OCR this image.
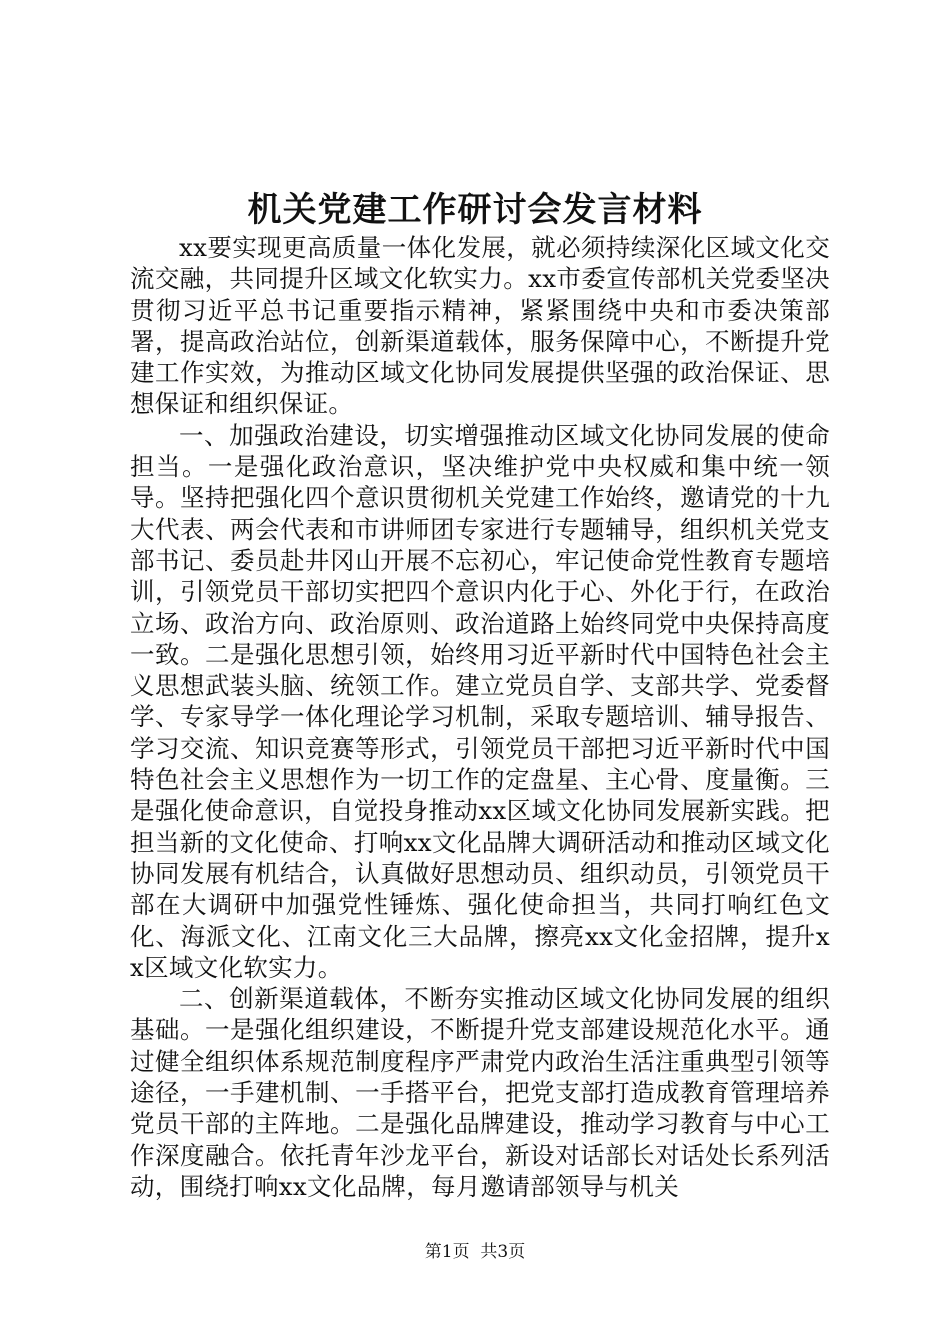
机关党建工作研讨会发言材料

xx要实现更高质量一体化发展，就必须持续深化区域文化交流交融，共同提升区域文化软实力。xx市委宣传部机关党委坚决贯彻习近平总书记重要指示精神，紧紧围绕中央和市委决策部署，提高政治站位，创新渠道载体，服务保障中心，不断提升党建工作实效，为推动区域文化协同发展提供坚强的政治保证、思想保证和组织保证。

一、加强政治建设，切实增强推动区域文化协同发展的使命担当。一是强化政治意识，坚决维护党中央权威和集中统一领导。坚持把强化四个意识贯彻机关党建工作始终，邀请党的十九大代表、两会代表和市讲师团专家进行专题辅导，组织机关党支部书记、委员赴井冈山开展不忘初心，牢记使命党性教育专题培训，引领党员干部切实把四个意识内化于心、外化于行，在政治立场、政治方向、政治原则、政治道路上始终同党中央保持高度一致。二是强化思想引领，始终用习近平新时代中国特色社会主义思想武装头脑、统领工作。建立党员自学、支部共学、党委督学、专家导学一体化理论学习机制，采取专题培训、辅导报告、学习交流、知识竞赛等形式，引领党员干部把习近平新时代中国特色社会主义思想作为一切工作的定盘星、主心骨、度量衡。三是强化使命意识，自觉投身推动xx区域文化协同发展新实践。把担当新的文化使命、打响xx文化品牌大调研活动和推动区域文化协同发展有机结合，认真做好思想动员、组织动员，引领党员干部在大调研中加强党性锤炼、强化使命担当，共同打响红色文化、海派文化、江南文化三大品牌，擦亮xx文化金招牌，提升xx区域文化软实力。

二、创新渠道载体，不断夯实推动区域文化协同发展的组织基础。一是强化组织建设，不断提升党支部建设规范化水平。通过健全组织体系规范制度程序严肃党内政治生活注重典型引领等途径，一手建机制、一手搭平台，把党支部打造成教育管理培养党员干部的主阵地。二是强化品牌建设，推动学习教育与中心工作深度融合。依托青年沙龙平台，新设对话部长对话处长系列活动，围绕打响xx文化品牌，每月邀请部领导与机关

第1页 共3页
